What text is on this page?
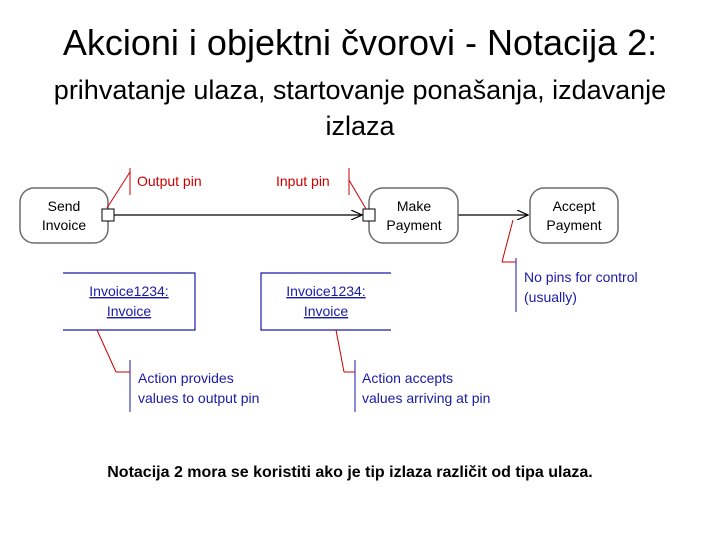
Akcioni i objektni čvorovi - Notacija 2:
prihvatanje ulaza, startovanje ponašanja, izdavanje
izlaza
Send
Invoice
Make
Payment
Accept
Payment
Output pin	Input pin
No pins for control
(usually)
Invoice1234:
Invoice
Invoice1234:
Invoice
Action provides
values to output pin
Action accepts
values arriving at pin
Notacija 2 mora se koristiti ako je tip izlaza različit od tipa ulaza.
